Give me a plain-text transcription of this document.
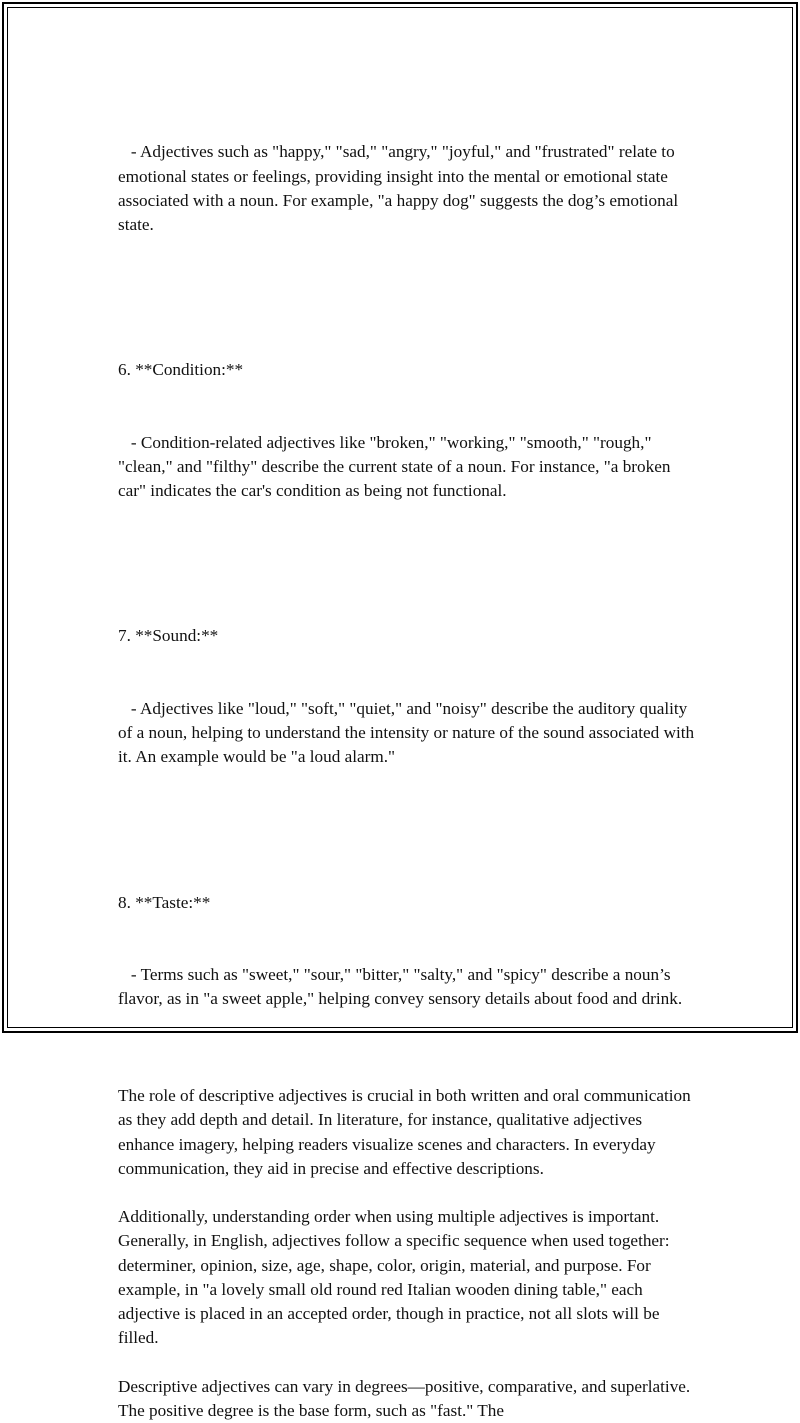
- Adjectives such as "happy," "sad," "angry," "joyful," and "frustrated" relate to emotional states or feelings, providing insight into the mental or emotional state associated with a noun. For example, "a happy dog" suggests the dog’s emotional state.

6. **Condition:**

- Condition-related adjectives like "broken," "working," "smooth," "rough," "clean," and "filthy" describe the current state of a noun. For instance, "a broken car" indicates the car's condition as being not functional.

7. **Sound:**

- Adjectives like "loud," "soft," "quiet," and "noisy" describe the auditory quality of a noun, helping to understand the intensity or nature of the sound associated with it. An example would be "a loud alarm."

8. **Taste:**

- Terms such as "sweet," "sour," "bitter," "salty," and "spicy" describe a noun’s flavor, as in "a sweet apple," helping convey sensory details about food and drink.

The role of descriptive adjectives is crucial in both written and oral communication as they add depth and detail. In literature, for instance, qualitative adjectives enhance imagery, helping readers visualize scenes and characters. In everyday communication, they aid in precise and effective descriptions.

Additionally, understanding order when using multiple adjectives is important. Generally, in English, adjectives follow a specific sequence when used together: determiner, opinion, size, age, shape, color, origin, material, and purpose. For example, in "a lovely small old round red Italian wooden dining table," each adjective is placed in an accepted order, though in practice, not all slots will be filled.

Descriptive adjectives can vary in degrees—positive, comparative, and superlative. The positive degree is the base form, such as "fast." The
